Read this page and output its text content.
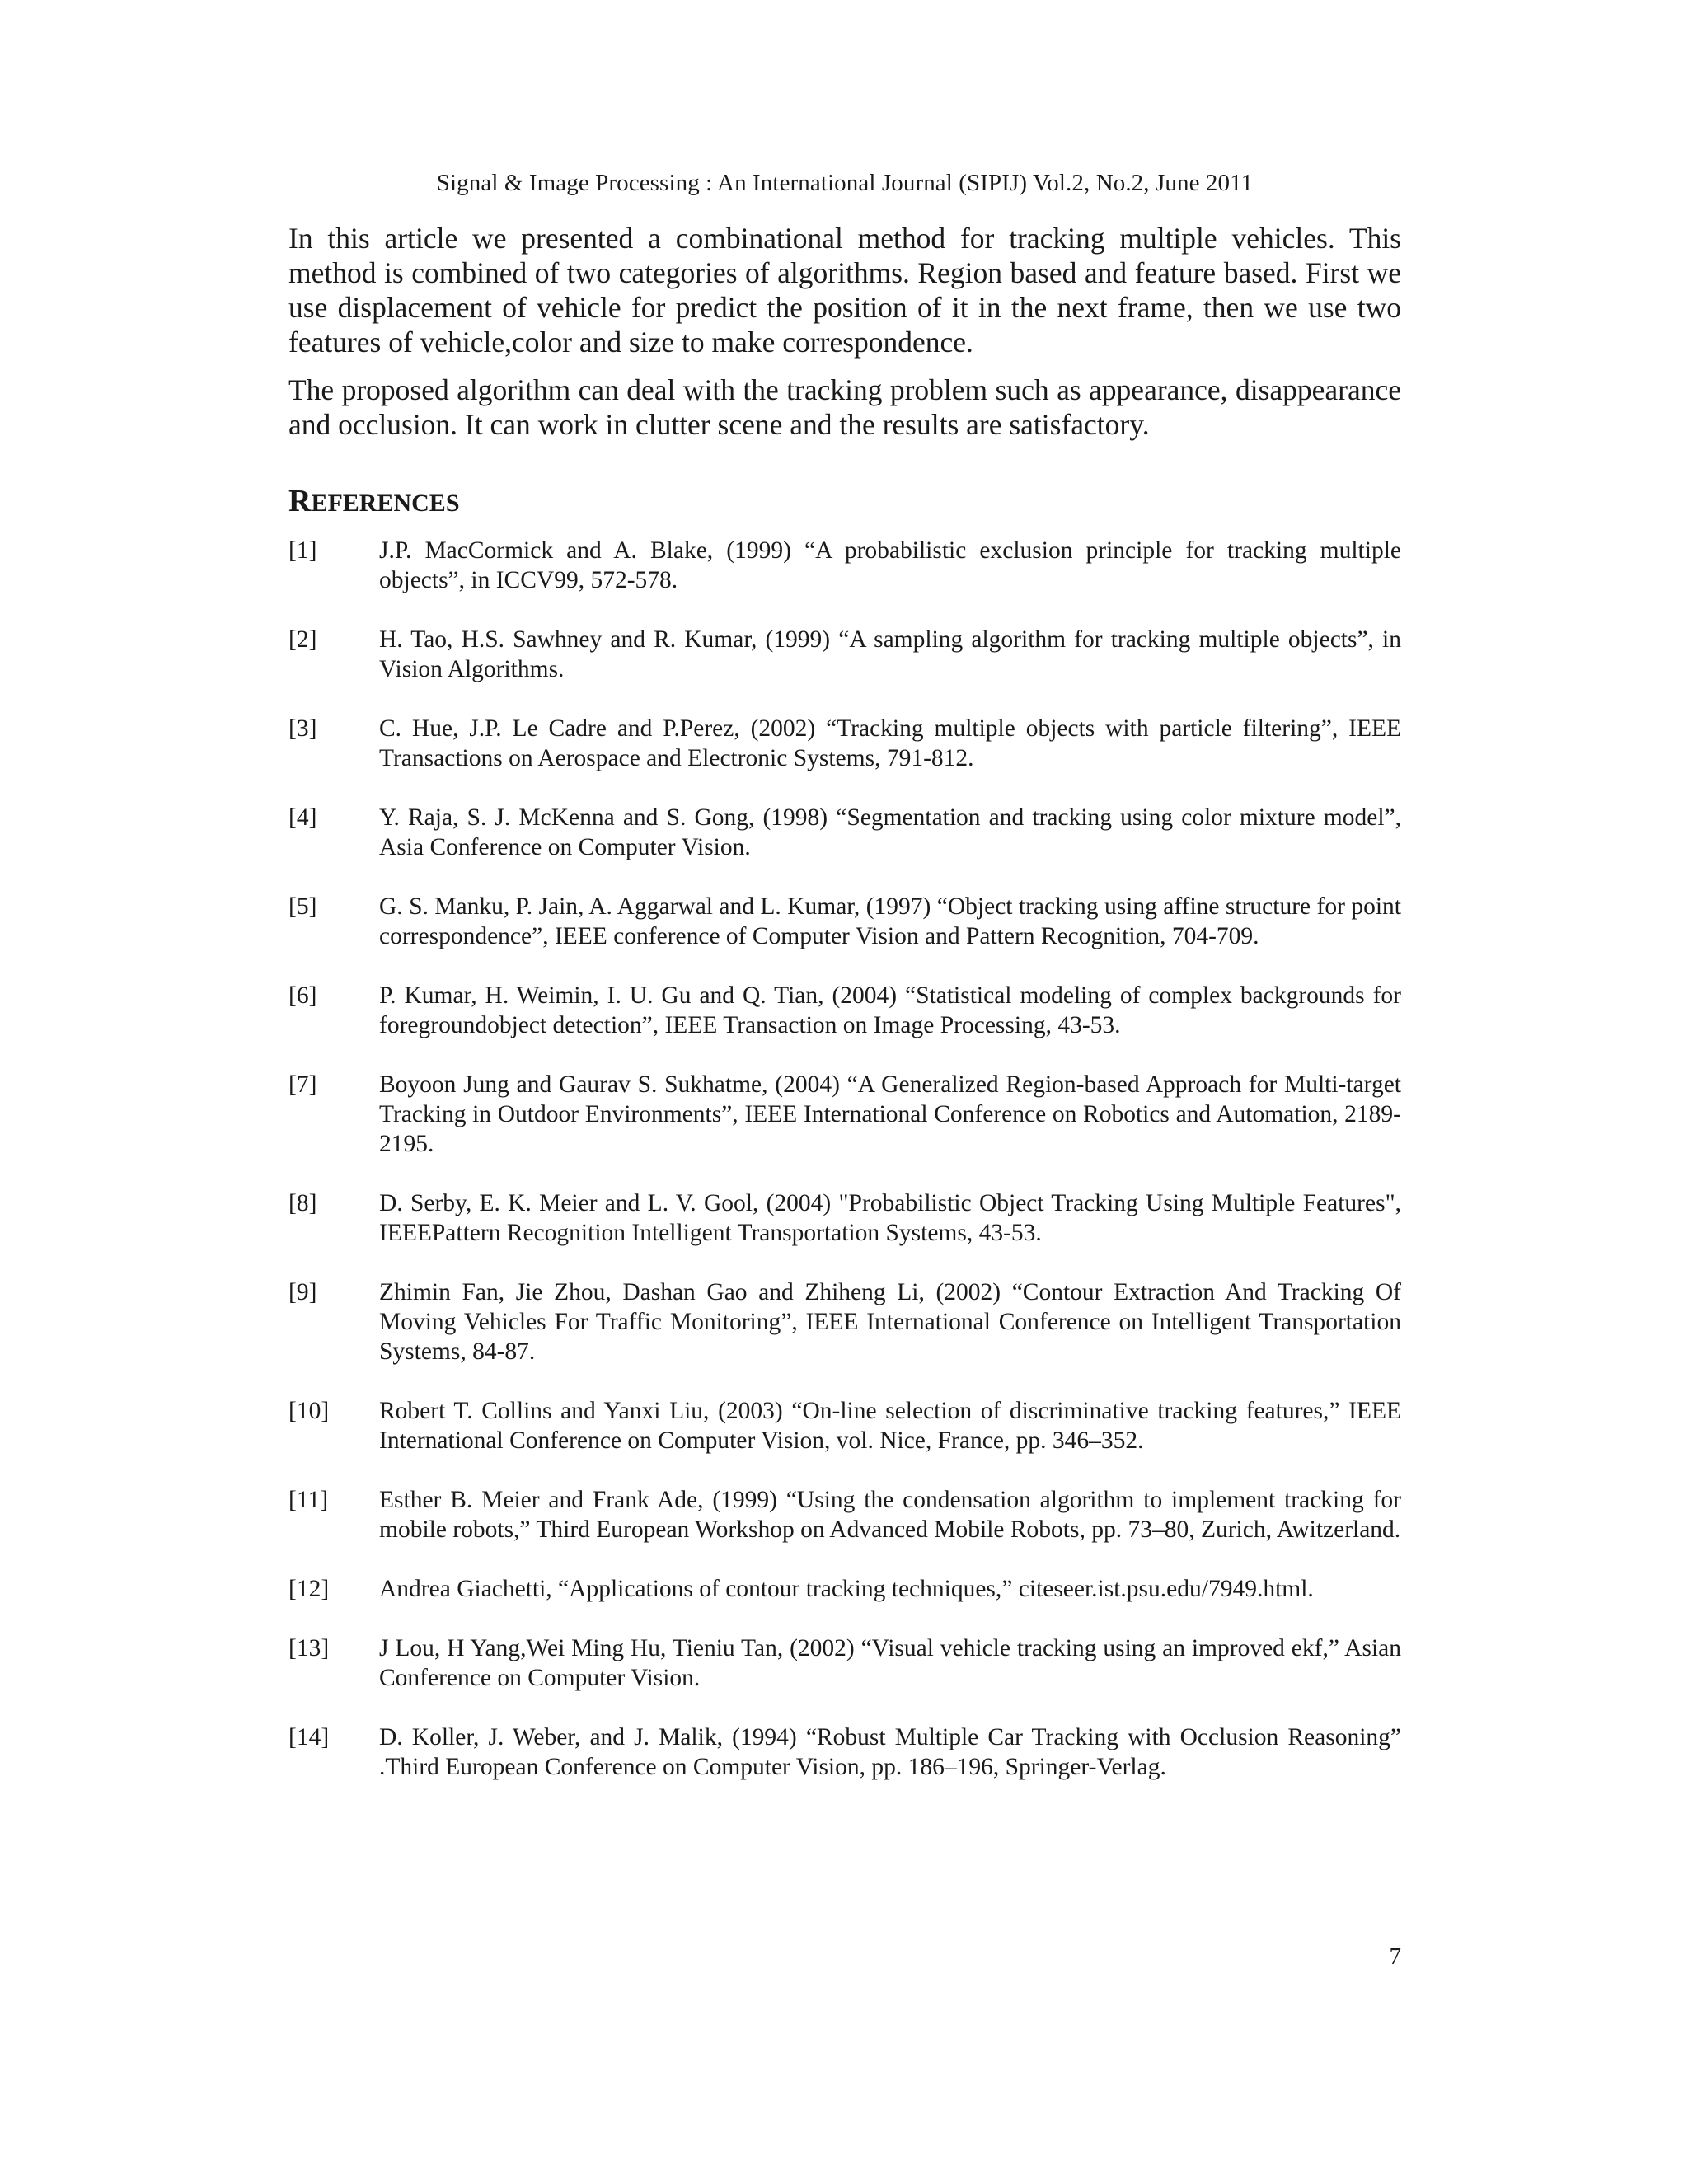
Signal & Image Processing : An International Journal (SIPIJ) Vol.2, No.2, June 2011

In this article we presented a combinational method for tracking multiple vehicles. This method is combined of two categories of algorithms. Region based and feature based. First we use displacement of vehicle for predict the position of it in the next frame, then we use two features of vehicle,color and size to make correspondence.

The proposed algorithm can deal with the tracking problem such as appearance, disappearance and occlusion. It can work in clutter scene and the results are satisfactory.

REFERENCES
[1]	J.P. MacCormick and A. Blake, (1999) “A probabilistic exclusion principle for tracking multiple objects”, in ICCV99, 572-578.
[2]	H. Tao, H.S. Sawhney and R. Kumar, (1999) “A sampling algorithm for tracking multiple objects”, in Vision Algorithms.
[3]	C. Hue, J.P. Le Cadre and P.Perez, (2002) “Tracking multiple objects with particle filtering”, IEEE Transactions on Aerospace and Electronic Systems, 791-812.
[4]	Y. Raja, S. J. McKenna and S. Gong, (1998) “Segmentation and tracking using color mixture model”, Asia Conference on Computer Vision.
[5]	G. S. Manku, P. Jain, A. Aggarwal and L. Kumar, (1997) “Object tracking using affine structure for point correspondence”, IEEE conference of Computer Vision and Pattern Recognition, 704-709.
[6]	P. Kumar, H. Weimin, I. U. Gu and Q. Tian, (2004) “Statistical modeling of complex backgrounds for foregroundobject detection”, IEEE Transaction on Image Processing, 43-53.
[7]	Boyoon Jung and Gaurav S. Sukhatme, (2004) “A Generalized Region-based Approach for Multi-target Tracking in Outdoor Environments”, IEEE International Conference on Robotics and Automation, 2189-2195.
[8]	D. Serby, E. K. Meier and L. V. Gool, (2004) "Probabilistic Object Tracking Using Multiple Features", IEEEPattern Recognition Intelligent Transportation Systems, 43-53.
[9]	Zhimin Fan, Jie Zhou, Dashan Gao and Zhiheng Li, (2002) “Contour Extraction And Tracking Of Moving Vehicles For Traffic Monitoring”, IEEE International Conference on Intelligent Transportation Systems, 84-87.
[10]	Robert T. Collins and Yanxi Liu, (2003) “On-line selection of discriminative tracking features,” IEEE International Conference on Computer Vision, vol. Nice, France, pp. 346–352.
[11]	Esther B. Meier and Frank Ade, (1999) “Using the condensation algorithm to implement tracking for mobile robots,” Third European Workshop on Advanced Mobile Robots, pp. 73–80, Zurich, Awitzerland.
[12]	Andrea Giachetti, “Applications of contour tracking techniques,” citeseer.ist.psu.edu/7949.html.
[13]	J Lou, H Yang,Wei Ming Hu, Tieniu Tan, (2002) “Visual vehicle tracking using an improved ekf,” Asian Conference on Computer Vision.
[14]	D. Koller, J. Weber, and J. Malik, (1994) “Robust Multiple Car Tracking with Occlusion Reasoning” .Third European Conference on Computer Vision, pp. 186–196, Springer-Verlag.
7
